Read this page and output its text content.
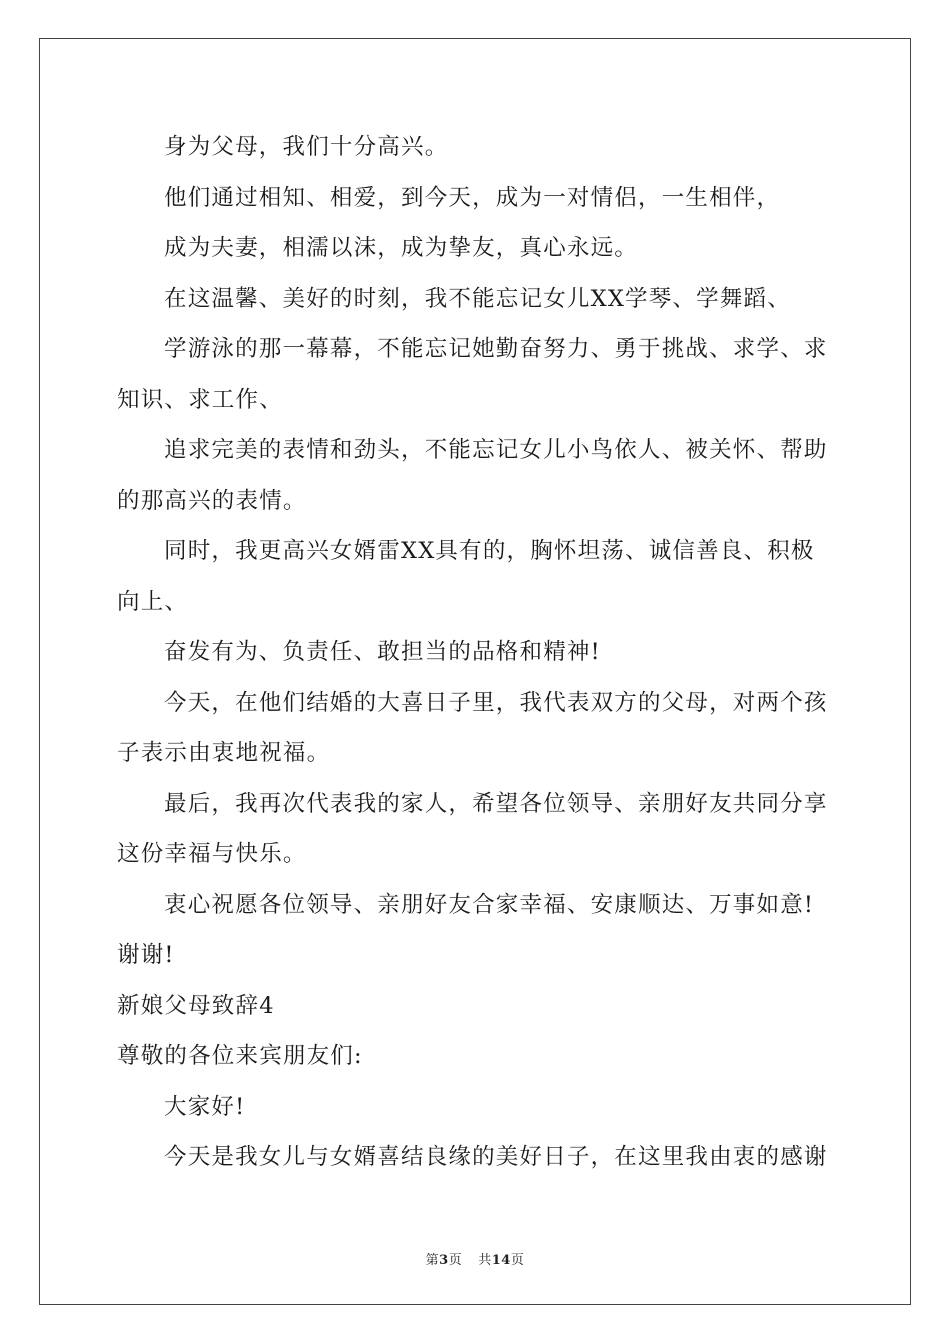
身为父母，我们十分高兴。

他们通过相知、相爱，到今天，成为一对情侣，一生相伴，

成为夫妻，相濡以沫，成为挚友，真心永远。

在这温馨、美好的时刻，我不能忘记女儿XX学琴、学舞蹈、

学游泳的那一幕幕，不能忘记她勤奋努力、勇于挑战、求学、求知识、求工作、

追求完美的表情和劲头，不能忘记女儿小鸟依人、被关怀、帮助的那高兴的表情。

同时，我更高兴女婿雷XX具有的，胸怀坦荡、诚信善良、积极向上、

奋发有为、负责任、敢担当的品格和精神!

今天，在他们结婚的大喜日子里，我代表双方的父母，对两个孩子表示由衷地祝福。

最后，我再次代表我的家人，希望各位领导、亲朋好友共同分享这份幸福与快乐。

衷心祝愿各位领导、亲朋好友合家幸福、安康顺达、万事如意!谢谢!

新娘父母致辞4

尊敬的各位来宾朋友们:

大家好!

今天是我女儿与女婿喜结良缘的美好日子，在这里我由衷的感谢

第3页 共14页
